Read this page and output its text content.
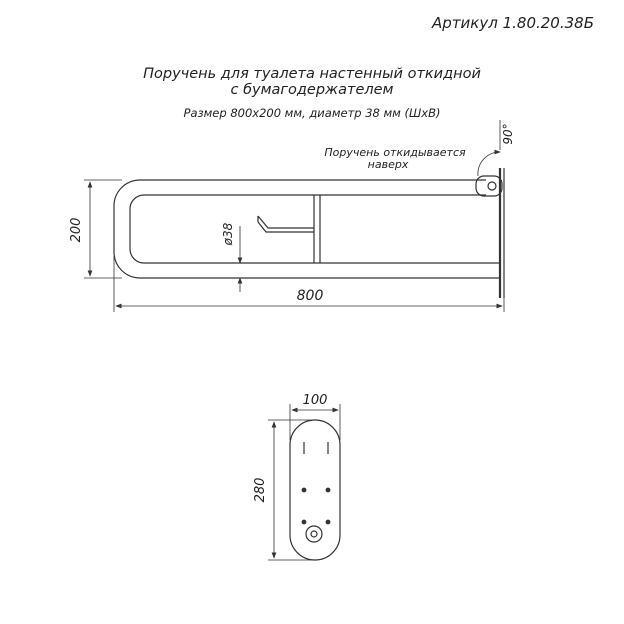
Артикул 1.80.20.38Б
Поручень для туалета настенный откидной
с бумагодержателем
Размер 800х200 мм, диаметр 38 мм (ШхВ)
200
800
ø38
90°
Поручень откидывается
наверх
100
280
